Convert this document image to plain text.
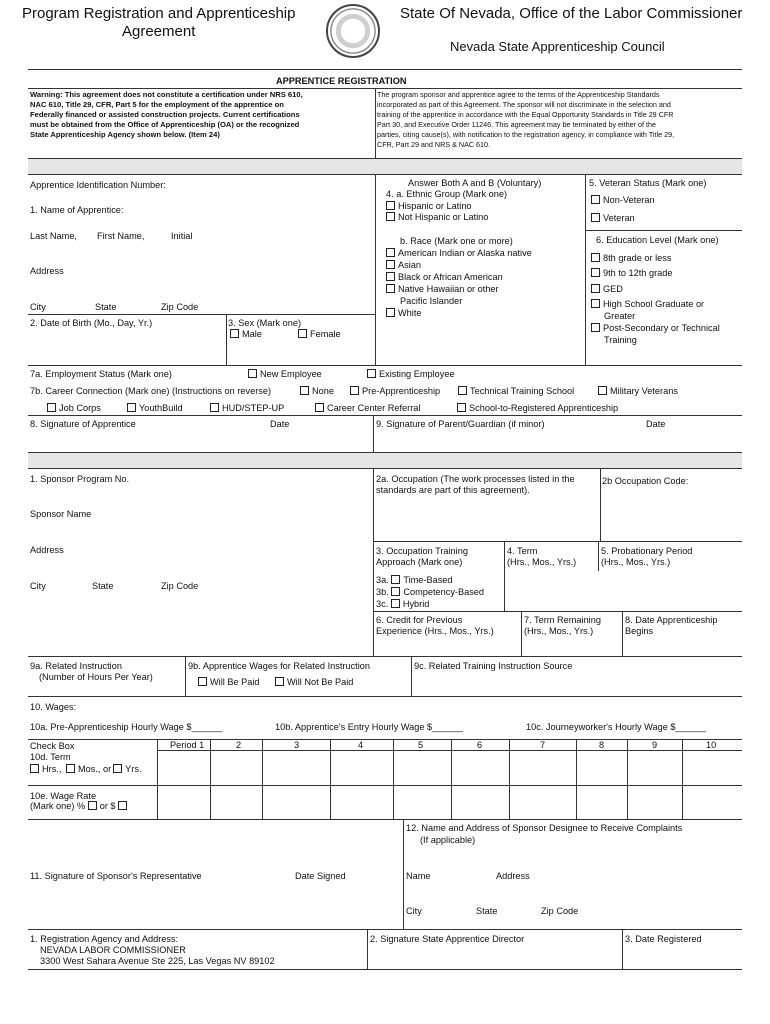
Program Registration and Apprenticeship
Agreement
State Of Nevada, Office of the Labor Commissioner
Nevada State Apprenticeship Council
APPRENTICE REGISTRATION
Warning: This agreement does not constitute a certification under NRS 610,
NAC 610, Title 29, CFR, Part 5 for the employment of the apprentice on
Federally financed or assisted construction projects. Current certifications
must be obtained from the Office of Apprenticeship (OA) or the recognized
State Apprenticeship Agency shown below. (Item 24)
The program sponsor and apprentice agree to the terms of the Apprenticeship Standards
incorporated as part of this Agreement. The sponsor will not discriminate in the selection and
training of the apprentice in accordance with the Equal Opportunity Standards in Title 29 CFR
Part 30, and Executive Order 11246. This agreement may be terminated by either of the
parties, citing cause(s), with notification to the registration agency, in compliance with Title 29,
CFR, Part 29 and NRS & NAC 610.
Apprentice Identification Number:
1. Name of Apprentice:
Last Name, First Name,	Initial
Address
City	State	Zip Code
2. Date of Birth (Mo., Day, Yr.)	3. Sex (Mark one)
Male	Female
Answer Both A and B (Voluntary)
4. a. Ethnic Group (Mark one)
Hispanic or Latino
Not Hispanic or Latino
b. Race (Mark one or more)
American Indian or Alaska native
Asian
Black or African American
Native Hawaiian or other
Pacific Islander
White
5. Veteran Status (Mark one)
Non-Veteran
Veteran
6. Education Level (Mark one)
8th grade or less
9th to 12th grade
GED
High School Graduate or
Greater
Post-Secondary or Technical
Training
7a. Employment Status (Mark one)	New Employee	Existing Employee
7b. Career Connection (Mark one) (Instructions on reverse)	None	Pre-Apprenticeship	Technical Training School	Military Veterans
Job Corps	YouthBuild	HUD/STEP-UP	Career Center Referral	School-to-Registered Apprenticeship
8. Signature of Apprentice	Date	9. Signature of Parent/Guardian (if minor)	Date
1. Sponsor Program No.
Sponsor Name
Address
City	State	Zip Code
2a. Occupation (The work processes listed in the
standards are part of this agreement).
2b Occupation Code:
3. Occupation Training
Approach (Mark one)
4. Term
(Hrs., Mos., Yrs.)
5. Probationary Period
(Hrs., Mos., Yrs.)
3a. Time-Based
3b. Competency-Based
3c. Hybrid
6. Credit for Previous
Experience (Hrs., Mos., Yrs.)
7. Term Remaining
(Hrs., Mos., Yrs.)
8. Date Apprenticeship
Begins
9a. Related Instruction
(Number of Hours Per Year)
9b. Apprentice Wages for Related Instruction
Will Be Paid	Will Not Be Paid
9c. Related Training Instruction Source
10. Wages:
10a. Pre-Apprenticeship Hourly Wage $______	10b. Apprentice's Entry Hourly Wage $______	10c. Journeyworker's Hourly Wage $______
Check Box	Period 1	2	3	4	5	6	7	8	9	10
10d. Term
Hrs., Mos., or Yrs.
10e. Wage Rate
(Mark one) % or $
12. Name and Address of Sponsor Designee to Receive Complaints
(If applicable)
11. Signature of Sponsor's Representative	Date Signed	Name	Address
City	State	Zip Code
1. Registration Agency and Address:
NEVADA LABOR COMMISSIONER
3300 West Sahara Avenue Ste 225, Las Vegas NV 89102
2. Signature State Apprentice Director	3. Date Registered
